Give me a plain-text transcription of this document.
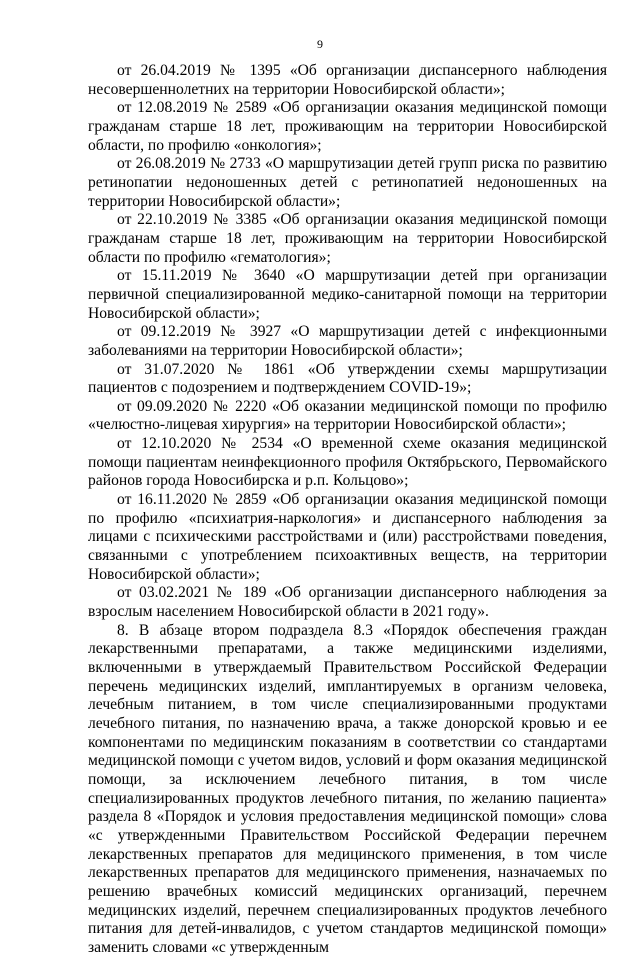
9

от 26.04.2019 № 1395 «Об организации диспансерного наблюдения несовершеннолетних на территории Новосибирской области»;

от 12.08.2019 № 2589 «Об организации оказания медицинской помощи гражданам старше 18 лет, проживающим на территории Новосибирской области, по профилю «онкология»;

от 26.08.2019 № 2733 «О маршрутизации детей групп риска по развитию ретинопатии недоношенных детей с ретинопатией недоношенных на территории Новосибирской области»;

от 22.10.2019 № 3385 «Об организации оказания медицинской помощи гражданам старше 18 лет, проживающим на территории Новосибирской области по профилю «гематология»;

от 15.11.2019 № 3640 «О маршрутизации детей при организации первичной специализированной медико-санитарной помощи на территории Новосибирской области»;

от 09.12.2019 № 3927 «О маршрутизации детей с инфекционными заболеваниями на территории Новосибирской области»;

от 31.07.2020 № 1861 «Об утверждении схемы маршрутизации пациентов с подозрением и подтверждением COVID-19»;

от 09.09.2020 № 2220 «Об оказании медицинской помощи по профилю «челюстно-лицевая хирургия» на территории Новосибирской области»;

от 12.10.2020 № 2534 «О временной схеме оказания медицинской помощи пациентам неинфекционного профиля Октябрьского, Первомайского районов города Новосибирска и р.п. Кольцово»;

от 16.11.2020 № 2859 «Об организации оказания медицинской помощи по профилю «психиатрия-наркология» и диспансерного наблюдения за лицами с психическими расстройствами и (или) расстройствами поведения, связанными с употреблением психоактивных веществ, на территории Новосибирской области»;

от 03.02.2021 № 189 «Об организации диспансерного наблюдения за взрослым населением Новосибирской области в 2021 году».

8. В абзаце втором подраздела 8.3 «Порядок обеспечения граждан лекарственными препаратами, а также медицинскими изделиями, включенными в утверждаемый Правительством Российской Федерации перечень медицинских изделий, имплантируемых в организм человека, лечебным питанием, в том числе специализированными продуктами лечебного питания, по назначению врача, а также донорской кровью и ее компонентами по медицинским показаниям в соответствии со стандартами медицинской помощи с учетом видов, условий и форм оказания медицинской помощи, за исключением лечебного питания, в том числе специализированных продуктов лечебного питания, по желанию пациента» раздела 8 «Порядок и условия предоставления медицинской помощи» слова «с утвержденными Правительством Российской Федерации перечнем лекарственных препаратов для медицинского применения, в том числе лекарственных препаратов для медицинского применения, назначаемых по решению врачебных комиссий медицинских организаций, перечнем медицинских изделий, перечнем специализированных продуктов лечебного питания для детей-инвалидов, с учетом стандартов медицинской помощи» заменить словами «с утвержденным
